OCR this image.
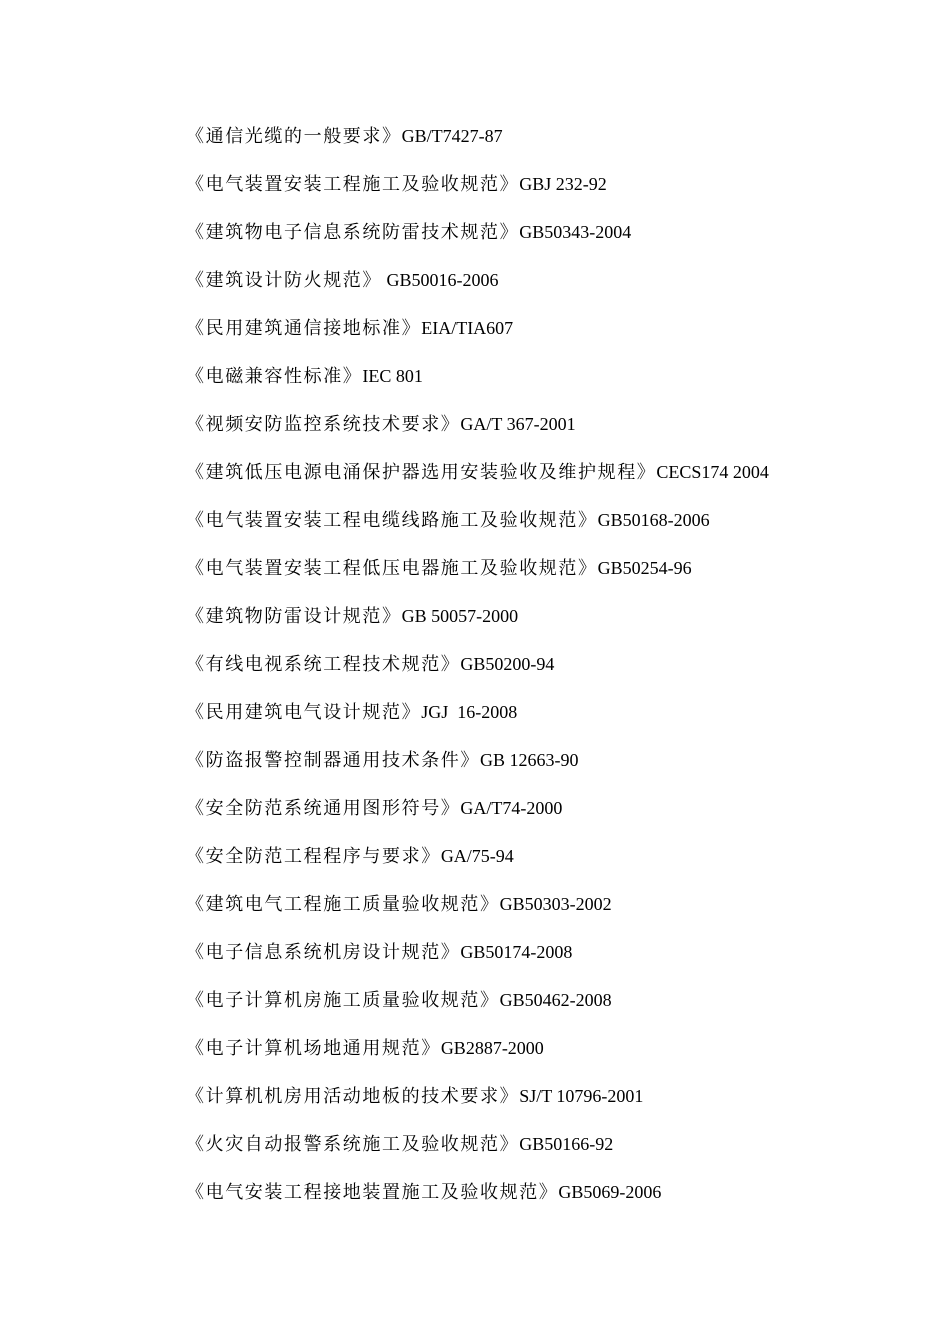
《通信光缆的一般要求》GB/T7427-87
《电气装置安装工程施工及验收规范》GBJ 232-92
《建筑物电子信息系统防雷技术规范》GB50343-2004
《建筑设计防火规范》 GB50016-2006
《民用建筑通信接地标准》EIA/TIA607
《电磁兼容性标准》IEC 801
《视频安防监控系统技术要求》GA/T 367-2001
《建筑低压电源电涌保护器选用安装验收及维护规程》CECS174 2004
《电气装置安装工程电缆线路施工及验收规范》GB50168-2006
《电气装置安装工程低压电器施工及验收规范》GB50254-96
《建筑物防雷设计规范》GB 50057-2000
《有线电视系统工程技术规范》GB50200-94
《民用建筑电气设计规范》JGJ  16-2008
《防盗报警控制器通用技术条件》GB 12663-90
《安全防范系统通用图形符号》GA/T74-2000
《安全防范工程程序与要求》GA/75-94
《建筑电气工程施工质量验收规范》GB50303-2002
《电子信息系统机房设计规范》GB50174-2008
《电子计算机房施工质量验收规范》GB50462-2008
《电子计算机场地通用规范》GB2887-2000
《计算机机房用活动地板的技术要求》SJ/T 10796-2001
《火灾自动报警系统施工及验收规范》GB50166-92
《电气安装工程接地装置施工及验收规范》GB5069-2006
